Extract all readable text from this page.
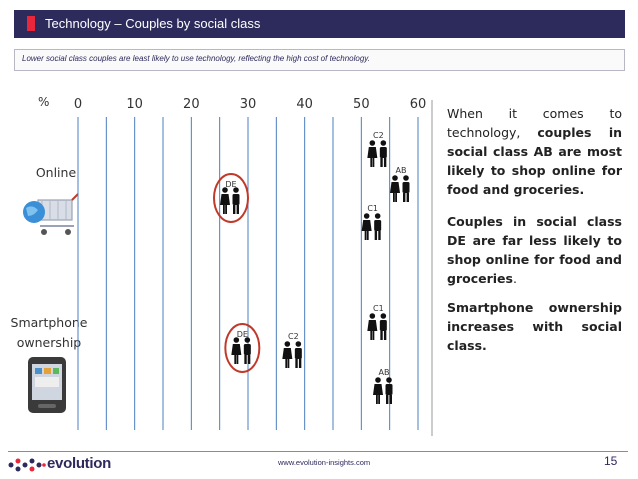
Technology – Couples by social class
Lower social class couples are least likely to use technology, reflecting the high cost of technology.
%
Online
Smartphone ownership
0	10	20	30	40	50	60
DE
C1
C2
AB
DE	C2
C1
AB
When it comes to technology, couples in social class AB are most likely to shop online for food and groceries.
Couples in social class DE are far less likely to shop online for food and groceries.
Smartphone ownership increases with social class.
evolution	www.evolution-insights.com	15
